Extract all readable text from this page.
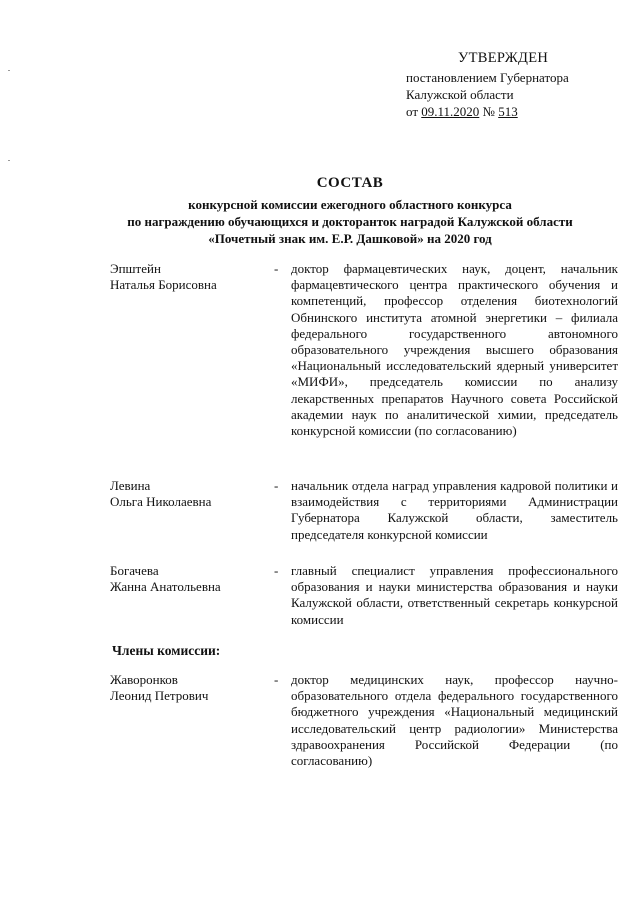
УТВЕРЖДЕН
постановлением Губернатора
Калужской области
от 09.11.2020 № 513
СОСТАВ
конкурсной комиссии ежегодного областного конкурса
по награждению обучающихся и докторанток наградой Калужской области
«Почетный знак им. Е.Р. Дашковой» на 2020 год
Эпштейн
Наталья Борисовна
- доктор фармацевтических наук, доцент, начальник фармацевтического центра практического обучения и компетенций, профессор отделения биотехнологий Обнинского института атомной энергетики – филиала федерального государственного автономного образовательного учреждения высшего образования «Национальный исследовательский ядерный университет «МИФИ», председатель комиссии по анализу лекарственных препаратов Научного совета Российской академии наук по аналитической химии, председатель конкурсной комиссии (по согласованию)
Левина
Ольга Николаевна
- начальник отдела наград управления кадровой политики и взаимодействия с территориями Администрации Губернатора Калужской области, заместитель председателя конкурсной комиссии
Богачева
Жанна Анатольевна
- главный специалист управления профессионального образования и науки министерства образования и науки Калужской области, ответственный секретарь конкурсной комиссии
Члены комиссии:
Жаворонков
Леонид Петрович
- доктор медицинских наук, профессор научно-образовательного отдела федерального государственного бюджетного учреждения «Национальный медицинский исследовательский центр радиологии» Министерства здравоохранения Российской Федерации (по согласованию)
